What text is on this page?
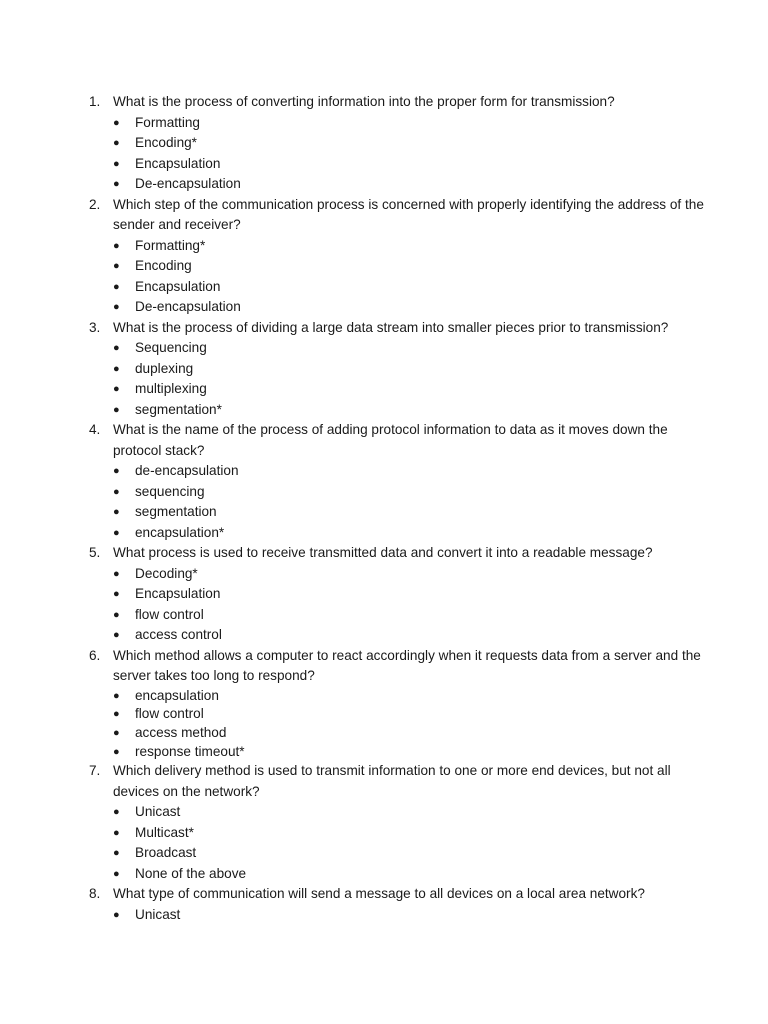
1. What is the process of converting information into the proper form for transmission?
● Formatting
● Encoding*
● Encapsulation
● De-encapsulation
2. Which step of the communication process is concerned with properly identifying the address of the sender and receiver?
● Formatting*
● Encoding
● Encapsulation
● De-encapsulation
3. What is the process of dividing a large data stream into smaller pieces prior to transmission?
● Sequencing
● duplexing
● multiplexing
● segmentation*
4. What is the name of the process of adding protocol information to data as it moves down the protocol stack?
● de-encapsulation
● sequencing
● segmentation
● encapsulation*
5. What process is used to receive transmitted data and convert it into a readable message?
● Decoding*
● Encapsulation
● flow control
● access control
6. Which method allows a computer to react accordingly when it requests data from a server and the server takes too long to respond?
● encapsulation
● flow control
● access method
● response timeout*
7. Which delivery method is used to transmit information to one or more end devices, but not all devices on the network?
● Unicast
● Multicast*
● Broadcast
● None of the above
8. What type of communication will send a message to all devices on a local area network?
● Unicast
